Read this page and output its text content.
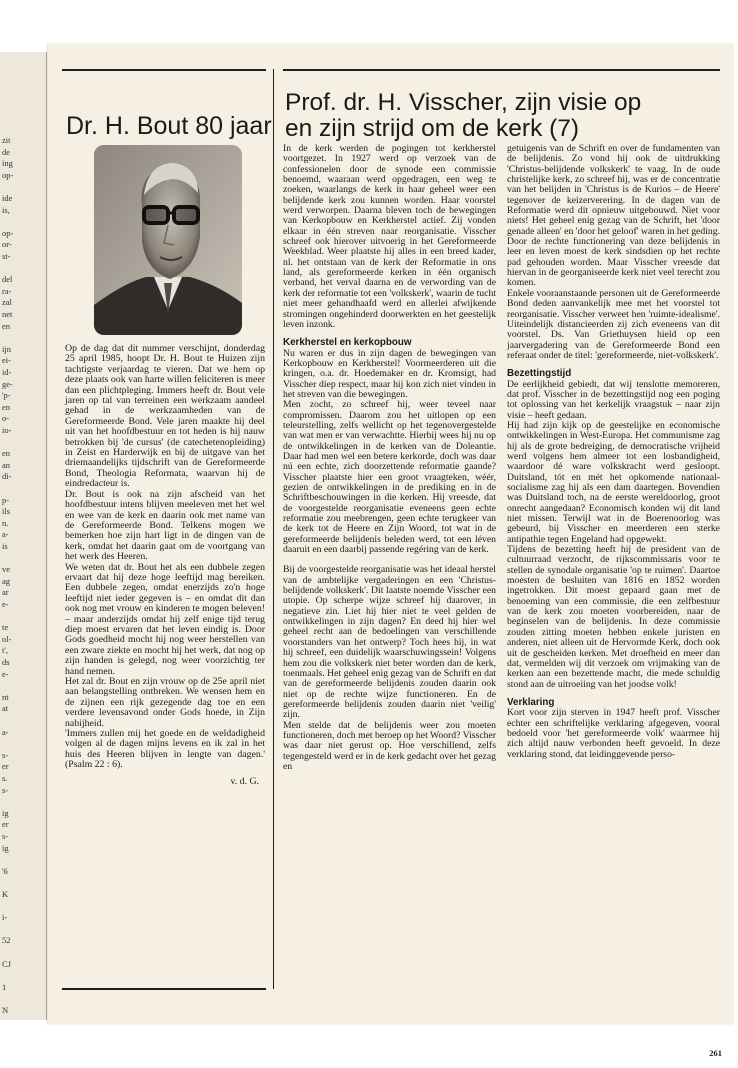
zit
de
ing
op-
ide
is,
op-
or-
st-
del
ra-
zal
net
en
ijn
ei-
id-
ge-
'p-
en
o-
io-
en
an
di-
p-
ils
n.
a-
is
ve
ag
ar
e-
te
ol-
t',
ds
e-
nt
at
a-
s-
er
s.
s-
ig
er
s-
ig
'6
K
i-
52
CJ
1
N
Dr. H. Bout 80 jaar
Prof. dr. H. Visscher, zijn visie op
en zijn strijd om de kerk (7)

Op de dag dat dit nummer verschijnt, donderdag 25 april 1985, hoopt Dr. H. Bout te Huizen zijn tachtigste verjaardag te vieren. Dat we hem op deze plaats ook van harte willen feliciteren is meer dan een plichtpleging. Immers heeft dr. Bout vele jaren op tal van terreinen een werkzaam aandeel gehad in de werkzaamheden van de Gereformeerde Bond. Vele jaren maakte hij deel uit van het hoofdbestuur en tot heden is hij nauw betrokken bij 'de cursus' (de catechetenopleiding) in Zeist en Harderwijk en bij de uitgave van het driemaandelijks tijdschrift van de Gereformeerde Bond, Theologia Reformata, waarvan hij de eindredacteur is.

Dr. Bout is ook na zijn afscheid van het hoofdbestuur intens blijven meeleven met het wel en wee van de kerk en daarin ook met name van de Gereformeerde Bond. Telkens mogen we bemerken hoe zijn hart ligt in de dingen van de kerk, omdat het daarin gaat om de voortgang van het werk des Heeren.

We weten dat dr. Bout het als een dubbele zegen ervaart dat hij deze hoge leeftijd mag bereiken. Een dubbele zegen, omdat enerzijds zo'n hoge leeftijd niet ieder gegeven is – en omdat dit dan ook nog met vrouw en kinderen te mogen beleven! – maar anderzijds omdat hij zelf enige tijd terug diep moest ervaren dat het leven eindig is. Door Gods goedheid mocht hij nog weer herstellen van een zware ziekte en mocht hij het werk, dat nog op zijn handen is gelegd, nog weer voorzichtig ter hand nemen.

Het zal dr. Bout en zijn vrouw op de 25e april niet aan belangstelling ontbreken. We wensen hem en de zijnen een rijk gezegende dag toe en een verdere levensavond onder Gods hoede, in Zijn nabijheid.

'Immers zullen mij het goede en de weldadigheid volgen al de dagen mijns levens en ik zal in het huis des Heeren blijven in lengte van dagen.' (Psalm 22 : 6).

v. d. G.

In de kerk werden de pogingen tot kerkherstel voortgezet. In 1927 werd op verzoek van de confessionelen door de synode een commissie benoemd, waaraan werd opgedragen, een weg te zoeken, waarlangs de kerk in haar geheel weer een belijdende kerk zou kunnen worden. Haar voorstel werd verworpen. Daarna bleven toch de bewegingen van Kerkopbouw en Kerkherstel actief. Zij vonden elkaar in één streven naar reorganisatie. Visscher schreef ook hierover uitvoerig in het Gereformeerde Weekblad. Weer plaatste hij alles in een breed kader, nl. het ontstaan van de kerk der Reformatie in ons land, als gereformeerde kerken in één organisch verband, het verval daarna en de verwording van de kerk der reformatie tot een 'volkskerk', waarin de tucht niet meer gehandhaafd werd en allerlei afwijkende stromingen ongehinderd doorwerkten en het geestelijk leven inzonk.

Kerkherstel en kerkopbouw

Nu waren er dus in zijn dagen de bewegingen van Kerkopbouw en Kerkherstel! Voormeerderen uit die kringen, o.a. dr. Hoedemaker en dr. Kromsigt, had Visscher diep respect, maar hij kon zich niet vinden in het streven van die bewegingen.

Men zocht, zo schreef hij, weer teveel naar compromissen. Daarom zou het uitlopen op een teleurstelling, zelfs wellicht op het tegenovergestelde van wat men er van verwachtte. Hierbij wees hij nu op de ontwikkelingen in de kerken van de Doleantie. Daar had men wel een betere kerkorde, doch was daar nú een echte, zich doorzettende reformatie gaande? Visscher plaatste hier een groot vraagteken, wéér, gezien de ontwikkelingen in de prediking en in de Schriftbeschouwingen in die kerken. Hij vreesde, dat de voorgestelde reorganisatie eveneens geen echte reformatie zou meebrengen, geen echte terugkeer van de kerk tot de Heere en Zijn Woord, tot wat in de gereformeerde belijdenis beleden werd, tot een léven daaruit en een daarbij passende regéring van de kerk.

Bij de voorgestelde reorganisatie was het ideaal herstel van de ambtelijke vergaderingen en een 'Christus-belijdende volkskerk'. Dit laatste noemde Visscher een utopie. Op scherpe wijze schreef hij daarover, in negatieve zin. Liet hij hier niet te veel gelden de ontwikkelingen in zijn dagen? En deed hij hier wel geheel recht aan de bedoelingen van verschillende voorstanders van het ontwerp? Toch hees hij, in wat hij schreef, een duidelijk waarschuwingssein! Volgens hem zou die volkskerk niet beter worden dan de kerk, toenmaals. Het geheel enig gezag van de Schrift en dat van de gereformeerde belijdenis zouden daarin ook niet op de rechte wijze functioneren. En de gereformeerde belijdenis zouden daarin niet 'veilig' zijn.

Men stelde dat de belijdenis weer zou moeten functioneren, doch met beroep op het Woord? Visscher was daar niet gerust op. Hoe verschillend, zelfs tegengesteld werd er in de kerk gedacht over het gezag en

getuigenis van de Schrift en over de fundamenten van de belijdenis. Zo vond hij ook de uitdrukking 'Christus-belijdende volkskerk' te vaag. In de oude christelijke kerk, zo schreef hij, was er de concentratie van het belijden in 'Christus is de Kurios – de Heere' tegenover de keizerverering. In de dagen van de Reformatie werd dit opnieuw uitgebouwd. Niet voor niets! Het geheel enig gezag van de Schrift, het 'door genade alleen' en 'door het geloof' waren in het geding. Door de rechte functionering van deze belijdenis in leer en leven moest de kerk sindsdien op het rechte pad gehouden worden. Maar Visscher vreesde dat hiervan in de georganiseerde kerk niet veel terecht zou komen.

Enkele vooraanstaande personen uit de Gereformeerde Bond deden aanvankelijk mee met het voorstel tot reorganisatie. Visscher verweet hen 'ruimte-idealisme'. Uiteindelijk distancieerden zij zich eveneens van dit voorstel. Ds. Van Griethuysen hield op een jaarvergadering van de Gereformeerde Bond een referaat onder de titel: 'gereformeerde, niet-volkskerk'.

Bezettingstijd

De eerlijkheid gebiedt, dat wij tenslotte memoreren, dat prof. Visscher in de bezettingstijd nog een poging tot oplossing van het kerkelijk vraagstuk – naar zijn visie – heeft gedaan.

Hij had zijn kijk op de geestelijke en economische ontwikkelingen in West-Europa. Het communisme zag hij als de grote bedreiging, de democratische vrijheid werd volgens hem almeer tot een losbandigheid, waardoor dé ware volkskracht werd gesloopt. Duitsland, tót en mét het opkomende nationaal-socialisme zag hij als een dam daartegen. Bovendien was Duitsland toch, na de eerste wereldoorlog, groot onrecht aangedaan? Economisch konden wij dit land niet missen. Terwijl wat in de Boerenoorlog was gebeurd, bij Visscher en meerderen een sterke antipathie tegen Engeland had opgewekt.

Tijdens de bezetting heeft hij de president van de cultuurraad verzocht, de rijkscommissaris voor te stellen de synodale organisatie 'op te ruimen'. Daartoe moesten de besluiten van 1816 en 1852 worden ingetrokken. Dit moest gepaard gaan met de benoeming van een commissie, die een zelfbestuur van de kerk zou moeten voorbereiden, naar de beginselen van de belijdenis. In deze commissie zouden zitting moeten hebben enkele juristen en anderen, niet alleen uit de Hervormde Kerk, doch ook uit de gescheiden kerken. Met droefheid en meer dan dat, vermelden wij dit verzoek om vrijmaking van de kerken aan een bezettende macht, die mede schuldig stond aan de uitroeiing van het joodse volk!

Verklaring

Kort voor zijn sterven in 1947 heeft prof. Visscher echter een schriftelijke verklaring afgegeven, vooral bedoeld voor 'het gereformeerde volk' waarmee hij zich altijd nauw verbonden heeft gevoeld. In deze verklaring stond, dat leidinggevende perso-

261
